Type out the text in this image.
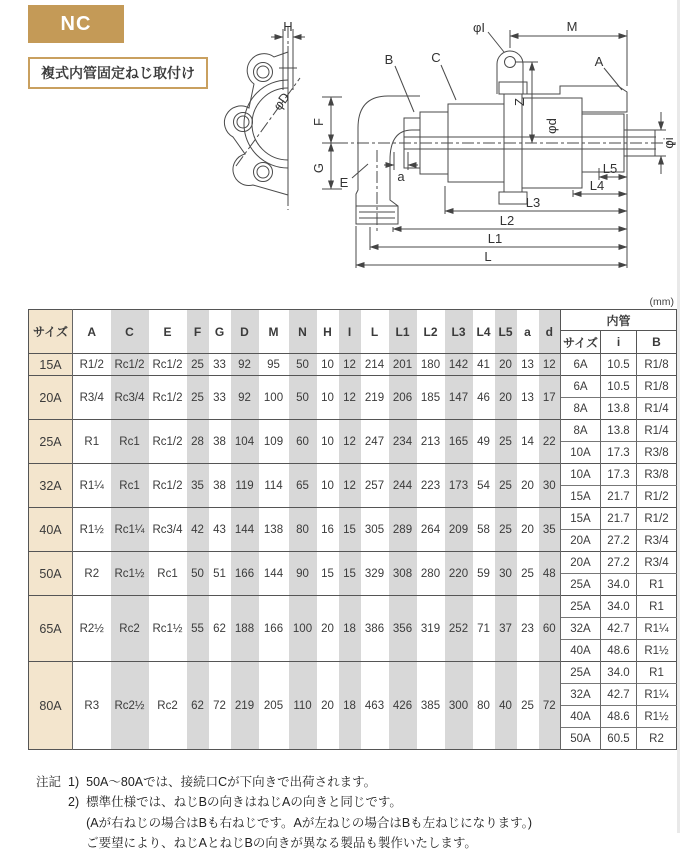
H
φD
F
G
B	C
E
φI
A
Z
M
φd
φi
a
L5
L4
L3
L2
L1
L
NC
複式内管固定ねじ取付け
(mm)
サイズ	A	C	E	F	G	D	M	N	H	I	L	L1	L2	L3	L4	L5	a	d	内管		
																			サイズ	i	B
15A	R1/2	Rc1/2	Rc1/2	25	33	92	95	50	10	12	214	201	180	142	41	20	13	12	6A	10.5	R1/8
20A	R3/4	Rc3/4	Rc1/2	25	33	92	100	50	10	12	219	206	185	147	46	20	13	17	6A	10.5	R1/8
																			8A	13.8	R1/4
25A	R1	Rc1	Rc1/2	28	38	104	109	60	10	12	247	234	213	165	49	25	14	22	8A	13.8	R1/4
																			10A	17.3	R3/8
32A	R1¼	Rc1	Rc1/2	35	38	119	114	65	10	12	257	244	223	173	54	25	20	30	10A	17.3	R3/8
																			15A	21.7	R1/2
40A	R1½	Rc1¼	Rc3/4	42	43	144	138	80	16	15	305	289	264	209	58	25	20	35	15A	21.7	R1/2
																			20A	27.2	R3/4
50A	R2	Rc1½	Rc1	50	51	166	144	90	15	15	329	308	280	220	59	30	25	48	20A	27.2	R3/4
																			25A	34.0	R1
65A	R2½	Rc2	Rc1½	55	62	188	166	100	20	18	386	356	319	252	71	37	23	60	25A	34.0	R1
																			32A	42.7	R1¼
																			40A	48.6	R1½
80A	R3	Rc2½	Rc2	62	72	219	205	110	20	18	463	426	385	300	80	40	25	72	25A	34.0	R1
																			32A	42.7	R1¼
																			40A	48.6	R1½
																			50A	60.5	R2
注記 1) 50A〜80Aでは、接続口Cが下向きで出荷されます。
2) 標準仕様では、ねじBの向きはねじAの向きと同じです。
(Aが右ねじの場合はBも右ねじです。Aが左ねじの場合はBも左ねじになります。)
ご要望により、ねじAとねじBの向きが異なる製品も製作いたします。
